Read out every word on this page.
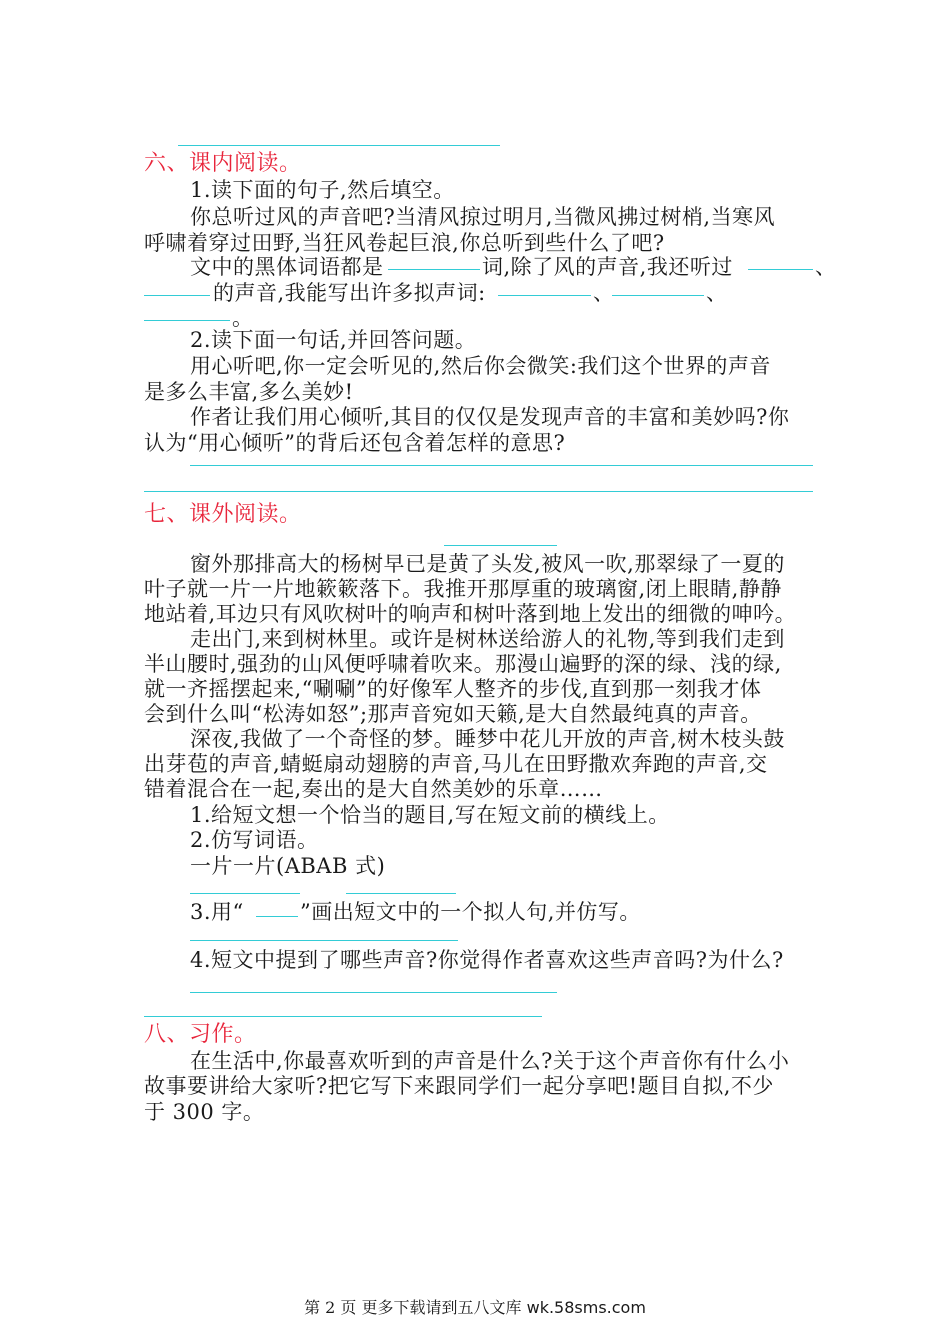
六、课内阅读。
1.读下面的句子,然后填空。
你总听过风的声音吧?当清风掠过明月,当微风拂过树梢,当寒风
呼啸着穿过田野,当狂风卷起巨浪,你总听到些什么了吧?
文中的黑体词语都是	词,除了风的声音,我还听过	、
的声音,我能写出许多拟声词:	、	、
。
2.读下面一句话,并回答问题。
用心听吧,你一定会听见的,然后你会微笑:我们这个世界的声音
是多么丰富,多么美妙!
作者让我们用心倾听,其目的仅仅是发现声音的丰富和美妙吗?你
认为“用心倾听”的背后还包含着怎样的意思?
七、课外阅读。
窗外那排高大的杨树早已是黄了头发,被风一吹,那翠绿了一夏的
叶子就一片一片地簌簌落下。我推开那厚重的玻璃窗,闭上眼睛,静静
地站着,耳边只有风吹树叶的响声和树叶落到地上发出的细微的呻吟。
走出门,来到树林里。或许是树林送给游人的礼物,等到我们走到
半山腰时,强劲的山风便呼啸着吹来。那漫山遍野的深的绿、浅的绿,
就一齐摇摆起来,“唰唰”的好像军人整齐的步伐,直到那一刻我才体
会到什么叫“松涛如怒”;那声音宛如天籁,是大自然最纯真的声音。
深夜,我做了一个奇怪的梦。睡梦中花儿开放的声音,树木枝头鼓
出芽苞的声音,蜻蜓扇动翅膀的声音,马儿在田野撒欢奔跑的声音,交
错着混合在一起,奏出的是大自然美妙的乐章……
1.给短文想一个恰当的题目,写在短文前的横线上。
2.仿写词语。
一片一片(ABAB 式)
3.用“	”画出短文中的一个拟人句,并仿写。
4.短文中提到了哪些声音?你觉得作者喜欢这些声音吗?为什么?
八、习作。
在生活中,你最喜欢听到的声音是什么?关于这个声音你有什么小
故事要讲给大家听?把它写下来跟同学们一起分享吧!题目自拟,不少
于 300 字。
第 2 页 更多下载请到五八文库 wk.58sms.com
